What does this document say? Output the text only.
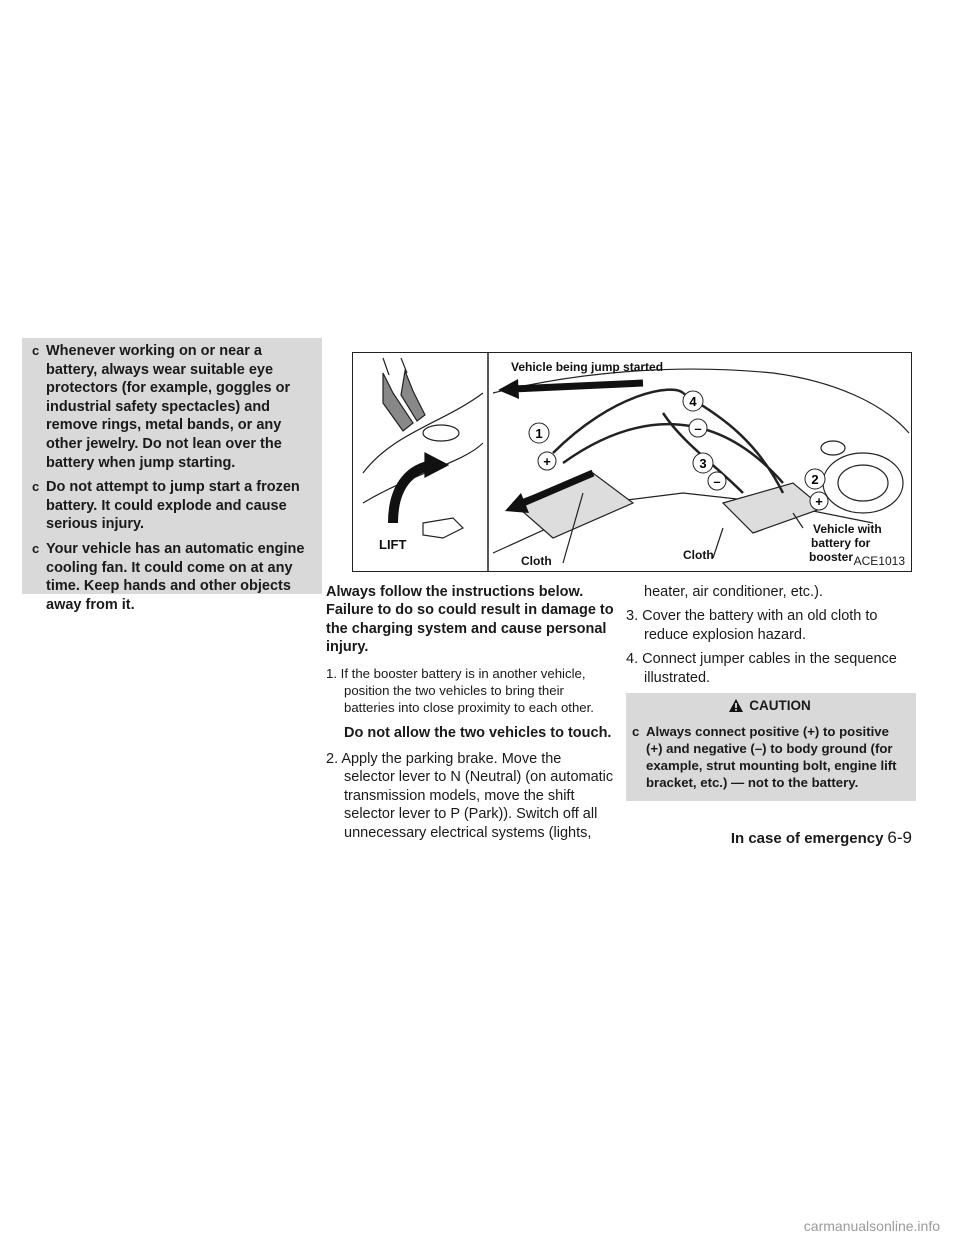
c Whenever working on or near a battery, always wear suitable eye protectors (for example, goggles or industrial safety spectacles) and remove rings, metal bands, or any other jewelry. Do not lean over the battery when jump starting.
c Do not attempt to jump start a frozen battery. It could explode and cause serious injury.
c Your vehicle has an automatic engine cooling fan. It could come on at any time. Keep hands and other objects away from it.
1
+
4
–
3
–	2
+
Vehicle being jump started
Vehicle with
battery for
booster
LIFT
Cloth	Cloth	ACE1013

Always follow the instructions below. Failure to do so could result in damage to the charging system and cause personal injury.

1. If the booster battery is in another vehicle, position the two vehicles to bring their batteries into close proximity to each other.

Do not allow the two vehicles to touch.

2. Apply the parking brake. Move the selector lever to N (Neutral) (on automatic transmission models, move the shift selector lever to P (Park)). Switch off all unnecessary electrical systems (lights,

heater, air conditioner, etc.).

3. Cover the battery with an old cloth to reduce explosion hazard.

4. Connect jumper cables in the sequence illustrated.

CAUTION
c Always connect positive (+) to positive (+) and negative (–) to body ground (for example, strut mounting bolt, engine lift bracket, etc.) — not to the battery.
In case of emergency 6-9
carmanualsonline.info
